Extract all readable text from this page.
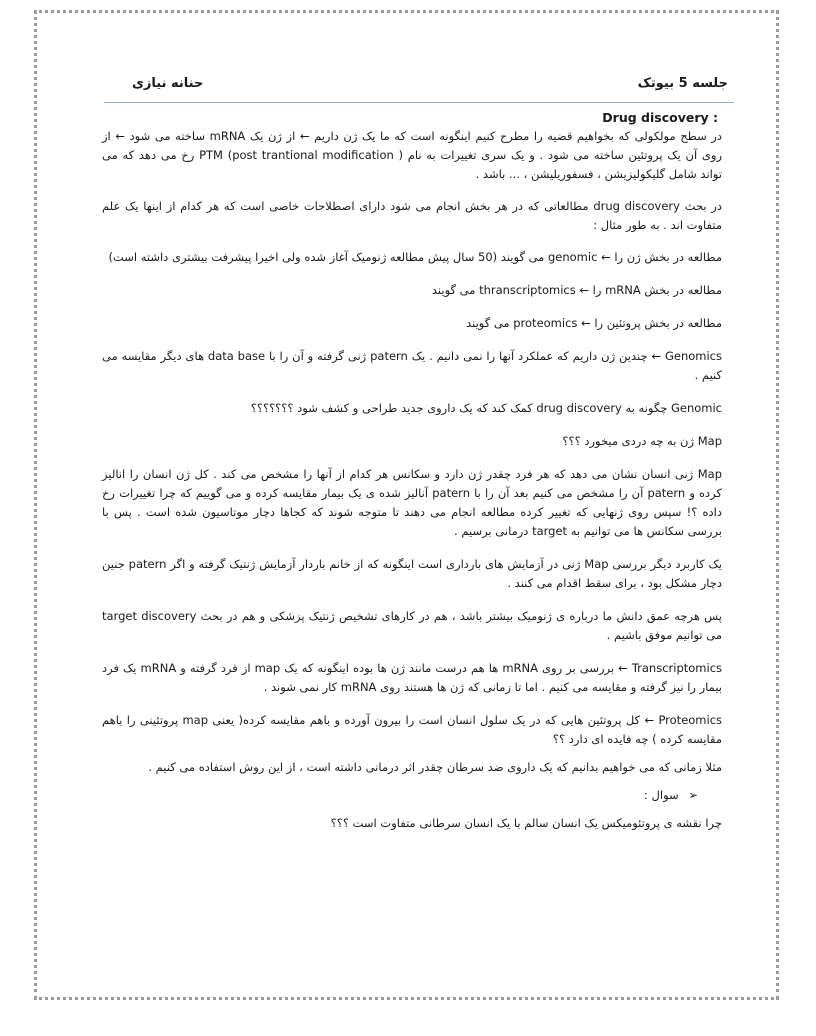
جلسه 5 بیوتک
حنانه نیازی

Drug discovery :

در سطح مولکولی که بخواهیم قضیه را مطرح کنیم اینگونه است که ما یک ژن داریم ← از ژن یک mRNA ساخته می شود ← از روی آن یک پروتئین ساخته می شود . و یک سری تغییرات به نام PTM (post trantional modification ) رخ می دهد که می تواند شامل گلیکولیزیشن ، فسفوریلیشن ، ... باشد .

در بحث drug discovery مطالعاتی که در هر بخش انجام می شود دارای اصطلاحات خاصی است که هر کدام از اینها یک علم متفاوت اند . به طور مثال :

مطالعه در بخش ژن را ← genomic می گویند (50 سال پیش مطالعه ژنومیک آغاز شده ولی اخیرا پیشرفت بیشتری داشته است)

مطالعه در بخش mRNA را ← thranscriptomics می گویند

مطالعه در بخش پروتئین را ← proteomics می گویند

Genomics ← چندین ژن داریم که عملکرد آنها را نمی دانیم . یک patern ژنی گرفته و آن را با data base های دیگر مقایسه می کنیم .

Genomic چگونه به drug discovery کمک کند که یک داروی جدید طراحی و کشف شود ؟؟؟؟؟؟؟

Map ژن به چه دردی میخورد ؟؟؟

Map ژنی انسان نشان می دهد که هر فرد چقدر ژن دارد و سکانس هر کدام از آنها را مشخص می کند . کل ژن انسان را انالیز کرده و patern آن را مشخص می کنیم بعد آن را با patern آنالیز شده ی یک بیمار مقایسه کرده و می گوییم که چرا تغییرات رخ داده ؟! سپس روی ژنهایی که تغییر کرده مطالعه انجام می دهند تا متوجه شوند که کجاها دچار موتاسیون شده است . پس با بررسی سکانس ها می توانیم به target درمانی برسیم .

یک کاربرد دیگر بررسی Map ژنی در آزمایش های بارداری است اینگونه که از خانم باردار آزمایش ژنتیک گرفته و اگر patern جنین دچار مشکل بود ، برای سقط اقدام می کنند .

پس هرچه عمق دانش ما درباره ی ژنومیک بیشتر باشد ، هم در کارهای تشخیص ژنتیک پزشکی و هم در بحث target discovery می توانیم موفق باشیم .

Transcriptomics ← بررسی بر روی mRNA ها هم درست مانند ژن ها بوده اینگونه که یک map از فرد گرفته و mRNA یک فرد بیمار را نیز گرفته و مقایسه می کنیم . اما تا زمانی که ژن ها هستند روی mRNA کار نمی شوند .

Proteomics ← کل پروتئین هایی که در یک سلول انسان است را بیرون آورده و باهم مقایسه کرده( یعنی map پروتئینی را باهم مقایسه کرده ) چه فایده ای دارد ؟؟

مثلا زمانی که می خواهیم بدانیم که یک داروی ضد سرطان چقدر اثر درمانی داشته است ، از این روش استفاده می کنیم .

➢ سوال :

چرا نقشه ی پروتئومیکس یک انسان سالم با یک انسان سرطانی متفاوت است ؟؟؟
